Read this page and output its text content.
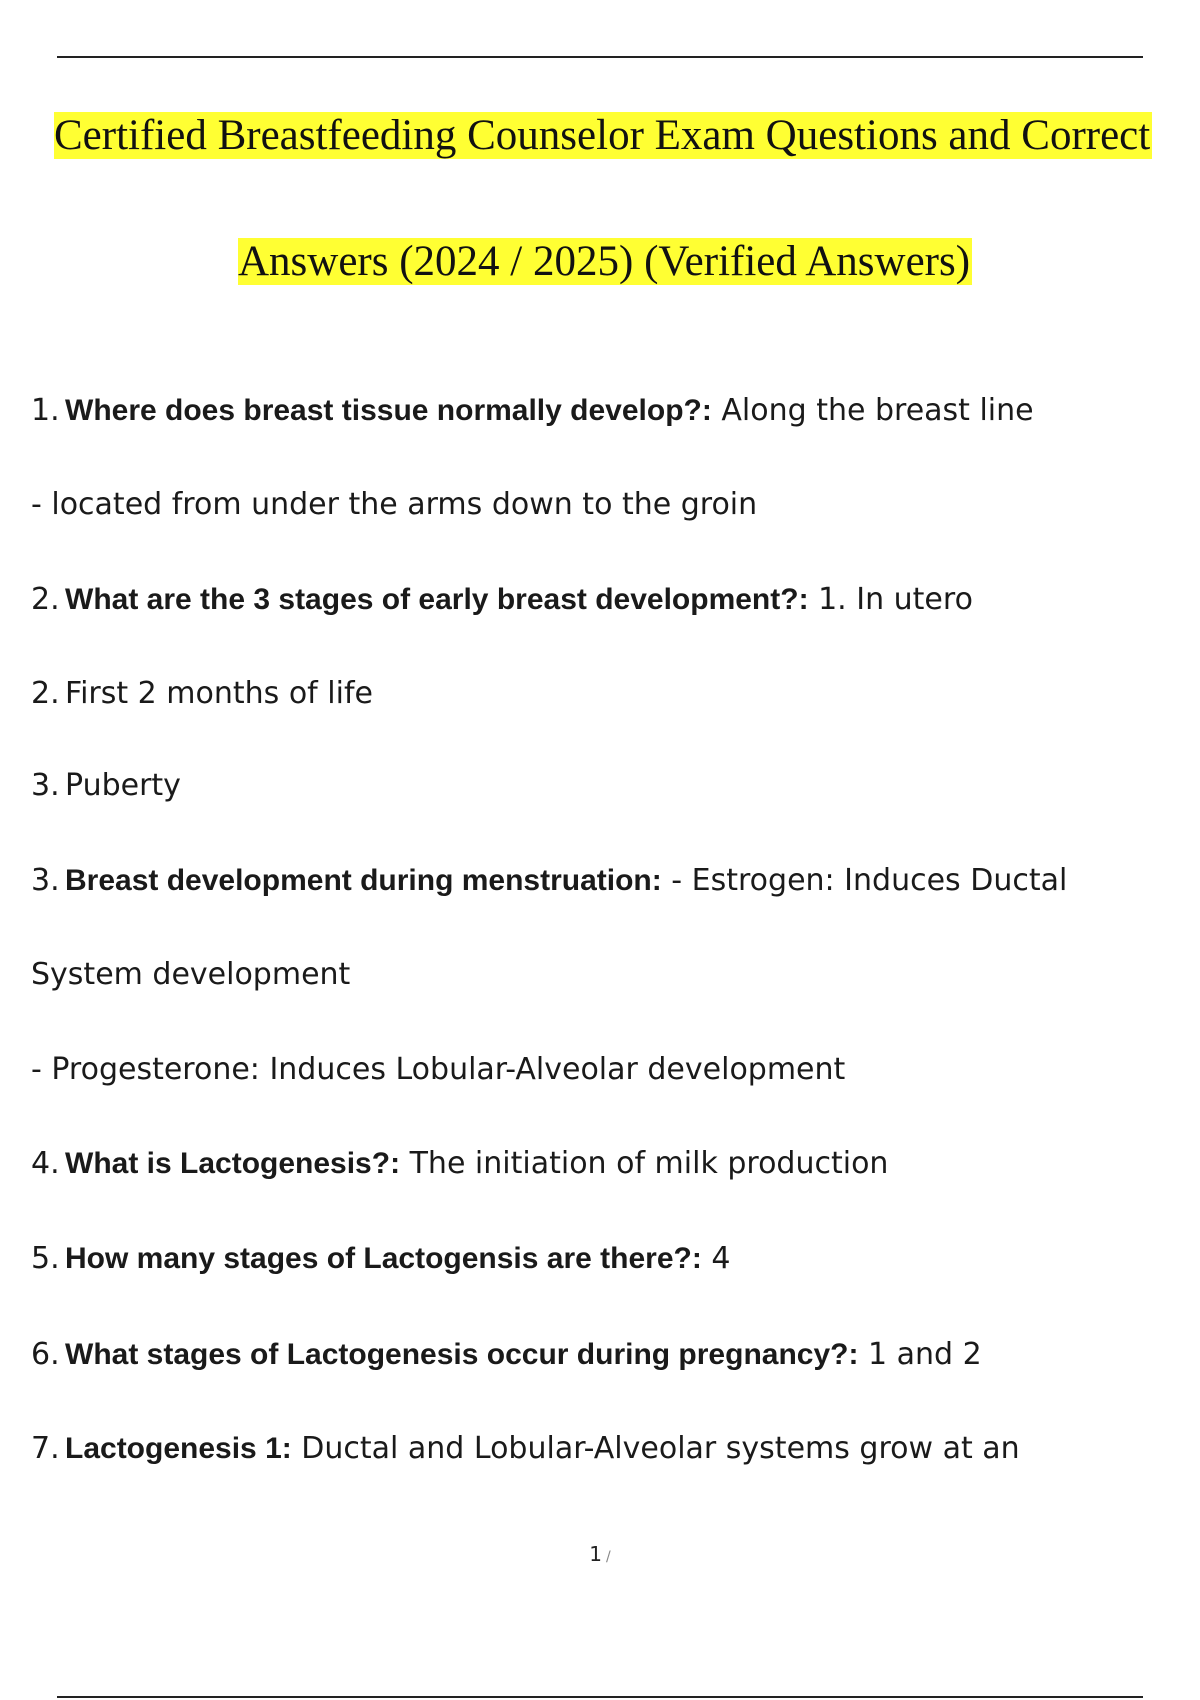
Certified Breastfeeding Counselor Exam Questions and Correct
Answers (2024 / 2025) (Verified Answers)
1. Where does breast tissue normally develop?: Along the breast line
- located from under the arms down to the groin
2. What are the 3 stages of early breast development?: 1. In utero
2. First 2 months of life
3. Puberty
3. Breast development during menstruation: - Estrogen: Induces Ductal
System development
- Progesterone: Induces Lobular-Alveolar development
4. What is Lactogenesis?: The initiation of milk production
5. How many stages of Lactogensis are there?: 4
6. What stages of Lactogenesis occur during pregnancy?: 1 and 2
7. Lactogenesis 1: Ductal and Lobular-Alveolar systems grow at an
1 /
